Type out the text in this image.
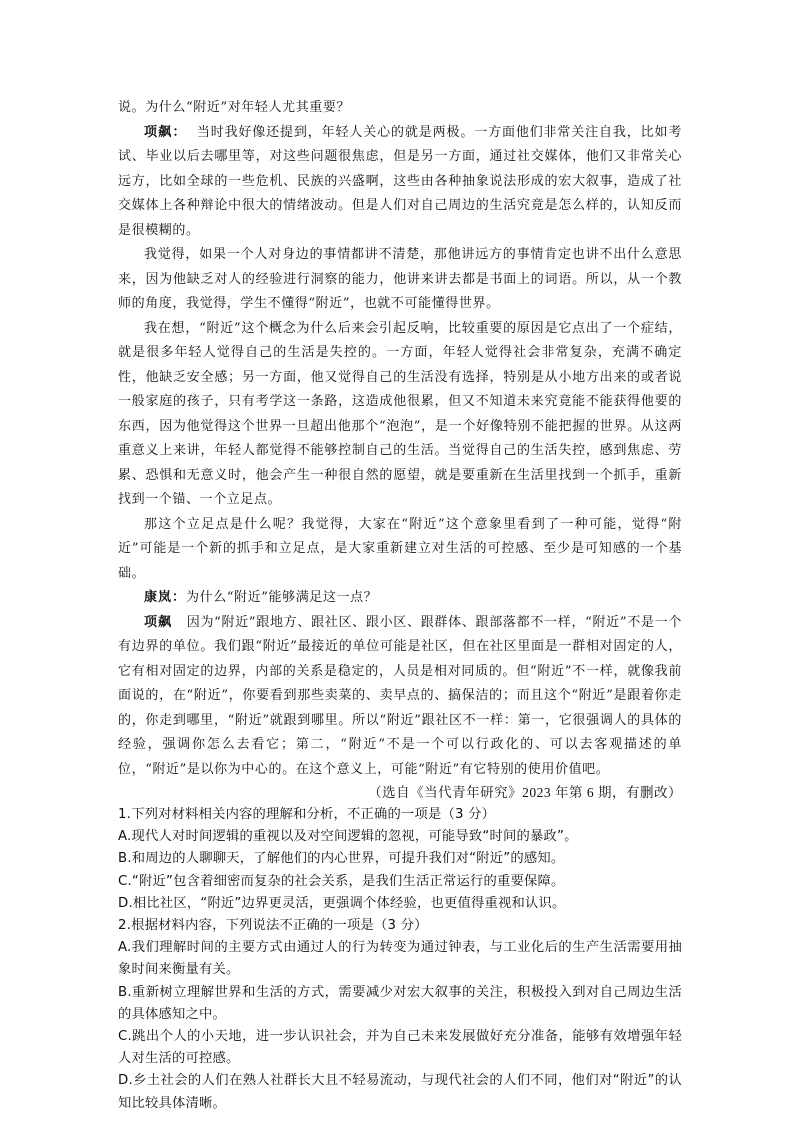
说。为什么“附近”对年轻人尤其重要？

项飙： 当时我好像还提到，年轻人关心的就是两极。一方面他们非常关注自我，比如考试、毕业以后去哪里等，对这些问题很焦虑，但是另一方面，通过社交媒体，他们又非常关心远方，比如全球的一些危机、民族的兴盛啊，这些由各种抽象说法形成的宏大叙事，造成了社交媒体上各种辩论中很大的情绪波动。但是人们对自己周边的生活究竟是怎么样的，认知反而是很模糊的。

我觉得，如果一个人对身边的事情都讲不清楚，那他讲远方的事情肯定也讲不出什么意思来，因为他缺乏对人的经验进行洞察的能力，他讲来讲去都是书面上的词语。所以，从一个教师的角度，我觉得，学生不懂得“附近”，也就不可能懂得世界。

我在想，“附近”这个概念为什么后来会引起反响，比较重要的原因是它点出了一个症结，就是很多年轻人觉得自己的生活是失控的。一方面，年轻人觉得社会非常复杂，充满不确定性，他缺乏安全感；另一方面，他又觉得自己的生活没有选择，特别是从小地方出来的或者说一般家庭的孩子，只有考学这一条路，这造成他很累，但又不知道未来究竟能不能获得他要的东西，因为他觉得这个世界一旦超出他那个“泡泡”，是一个好像特别不能把握的世界。从这两重意义上来讲，年轻人都觉得不能够控制自己的生活。当觉得自己的生活失控，感到焦虑、劳累、恐惧和无意义时，他会产生一种很自然的愿望，就是要重新在生活里找到一个抓手，重新找到一个锚、一个立足点。

那这个立足点是什么呢？我觉得，大家在“附近”这个意象里看到了一种可能，觉得“附近”可能是一个新的抓手和立足点，是大家重新建立对生活的可控感、至少是可知感的一个基础。

康岚：为什么“附近”能够满足这一点？

项飙 因为“附近”跟地方、跟社区、跟小区、跟群体、跟部落都不一样，“附近”不是一个有边界的单位。我们跟“附近”最接近的单位可能是社区，但在社区里面是一群相对固定的人，它有相对固定的边界，内部的关系是稳定的，人员是相对同质的。但“附近”不一样，就像我前面说的，在“附近”，你要看到那些卖菜的、卖早点的、搞保洁的；而且这个“附近”是跟着你走的，你走到哪里，“附近”就跟到哪里。所以“附近”跟社区不一样：第一，它很强调人的具体的经验，强调你怎么去看它；第二，“附近”不是一个可以行政化的、可以去客观描述的单位，“附近”是以你为中心的。在这个意义上，可能“附近”有它特别的使用价值吧。

（选自《当代青年研究》2023 年第 6 期，有删改）

1.下列对材料相关内容的理解和分析，不正确的一项是（3 分）

A.现代人对时间逻辑的重视以及对空间逻辑的忽视，可能导致“时间的暴政”。

B.和周边的人聊聊天，了解他们的内心世界，可提升我们对“附近”的感知。

C.“附近”包含着细密而复杂的社会关系，是我们生活正常运行的重要保障。

D.相比社区，“附近”边界更灵活，更强调个体经验，也更值得重视和认识。

2.根据材料内容，下列说法不正确的一项是（3 分）

A.我们理解时间的主要方式由通过人的行为转变为通过钟表，与工业化后的生产生活需要用抽象时间来衡量有关。

B.重新树立理解世界和生活的方式，需要减少对宏大叙事的关注，积极投入到对自己周边生活的具体感知之中。

C.跳出个人的小天地，进一步认识社会，并为自己未来发展做好充分准备，能够有效增强年轻人对生活的可控感。

D.乡土社会的人们在熟人社群长大且不轻易流动，与现代社会的人们不同，他们对“附近”的认知比较具体清晰。
